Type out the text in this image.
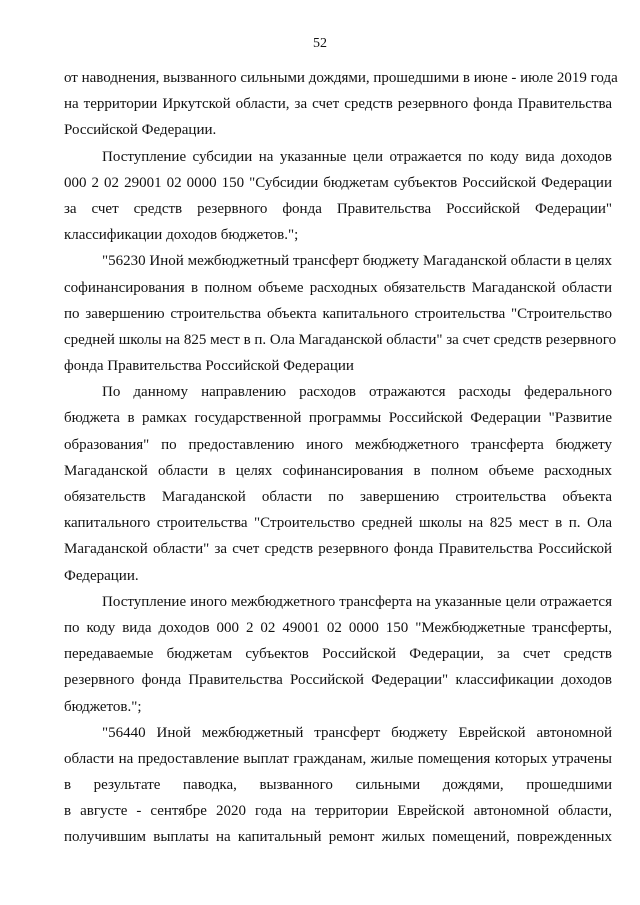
52
от наводнения, вызванного сильными дождями, прошедшими в июне - июле 2019 года
на территории Иркутской области, за счет средств резервного фонда Правительства
Российской Федерации.
Поступление субсидии на указанные цели отражается по коду вида доходов
000 2 02 29001 02 0000 150 "Субсидии бюджетам субъектов Российской Федерации
за счет средств резервного фонда Правительства Российской Федерации"
классификации доходов бюджетов.";
"56230 Иной межбюджетный трансферт бюджету Магаданской области в целях
софинансирования в полном объеме расходных обязательств Магаданской области
по завершению строительства объекта капитального строительства "Строительство
средней школы на 825 мест в п. Ола Магаданской области" за счет средств резервного
фонда Правительства Российской Федерации
По данному направлению расходов отражаются расходы федерального
бюджета в рамках государственной программы Российской Федерации "Развитие
образования" по предоставлению иного межбюджетного трансферта бюджету
Магаданской области в целях софинансирования в полном объеме расходных
обязательств Магаданской области по завершению строительства объекта
капитального строительства "Строительство средней школы на 825 мест в п. Ола
Магаданской области" за счет средств резервного фонда Правительства Российской
Федерации.
Поступление иного межбюджетного трансферта на указанные цели отражается
по коду вида доходов 000 2 02 49001 02 0000 150 "Межбюджетные трансферты,
передаваемые бюджетам субъектов Российской Федерации, за счет средств
резервного фонда Правительства Российской Федерации" классификации доходов
бюджетов.";
"56440 Иной межбюджетный трансферт бюджету Еврейской автономной
области на предоставление выплат гражданам, жилые помещения которых утрачены
в результате паводка, вызванного сильными дождями, прошедшими
в августе - сентябре 2020 года на территории Еврейской автономной области,
получившим выплаты на капитальный ремонт жилых помещений, поврежденных
